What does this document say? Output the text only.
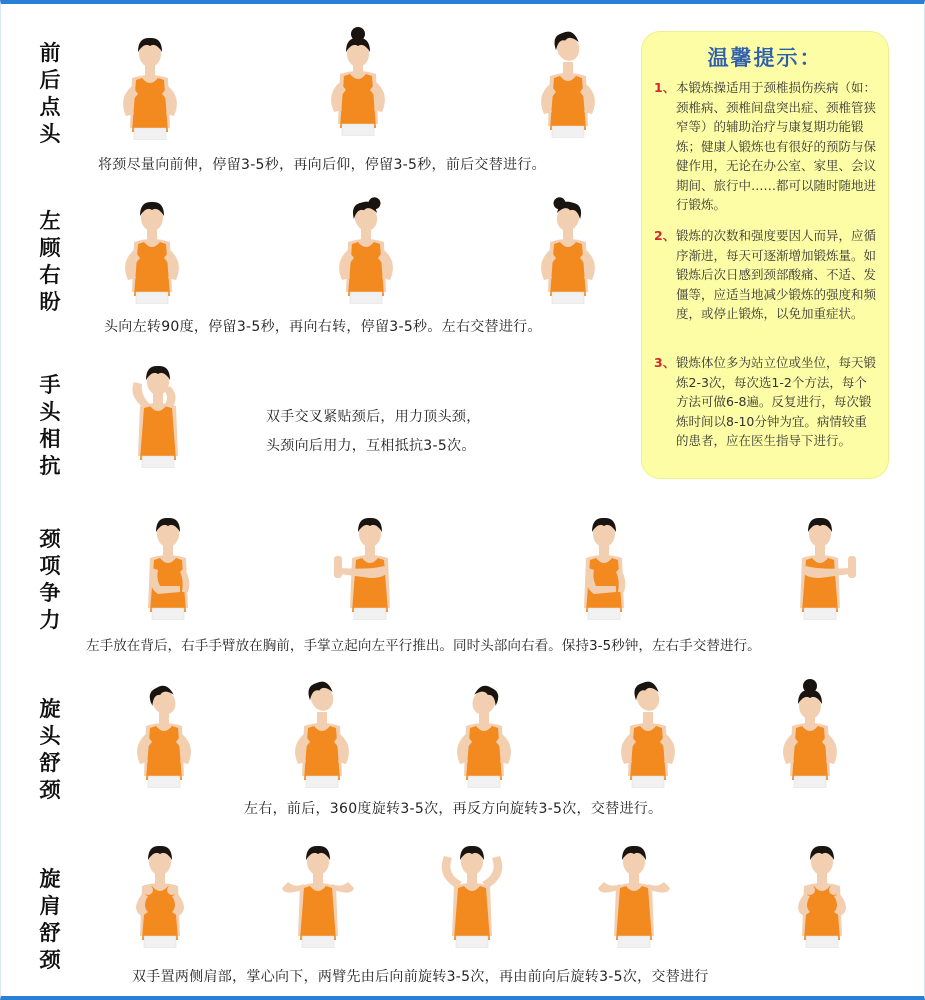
前
后
点
头
将颈尽量向前伸，停留3-5秒，再向后仰，停留3-5秒，前后交替进行。
左
顾
右
盼
头向左转90度，停留3-5秒，再向右转，停留3-5秒。左右交替进行。
手
头
相
抗
双手交叉紧贴颈后，用力顶头颈，
头颈向后用力，互相抵抗3-5次。
颈
项
争
力
左手放在背后，右手手臂放在胸前，手掌立起向左平行推出。同时头部向右看。保持3-5秒钟，左右手交替进行。
旋
头
舒
颈
左右，前后，360度旋转3-5次，再反方向旋转3-5次，交替进行。
旋
肩
舒
颈
双手置两侧肩部，掌心向下，两臂先由后向前旋转3-5次，再由前向后旋转3-5次，交替进行
温馨提示：
1、 本锻炼操适用于颈椎损伤疾病（如：颈椎病、颈椎间盘突出症、颈椎管狭窄等）的辅助治疗与康复期功能锻炼；健康人锻炼也有很好的预防与保健作用，无论在办公室、家里、会议期间、旅行中……都可以随时随地进行锻炼。
2、 锻炼的次数和强度要因人而异，应循序渐进，每天可逐渐增加锻炼量。如锻炼后次日感到颈部酸痛、不适、发僵等，应适当地减少锻炼的强度和频度，或停止锻炼，以免加重症状。
3、 锻炼体位多为站立位或坐位，每天锻炼2-3次，每次选1-2个方法，每个方法可做6-8遍。反复进行，每次锻炼时间以8-10分钟为宜。病情较重的患者，应在医生指导下进行。
